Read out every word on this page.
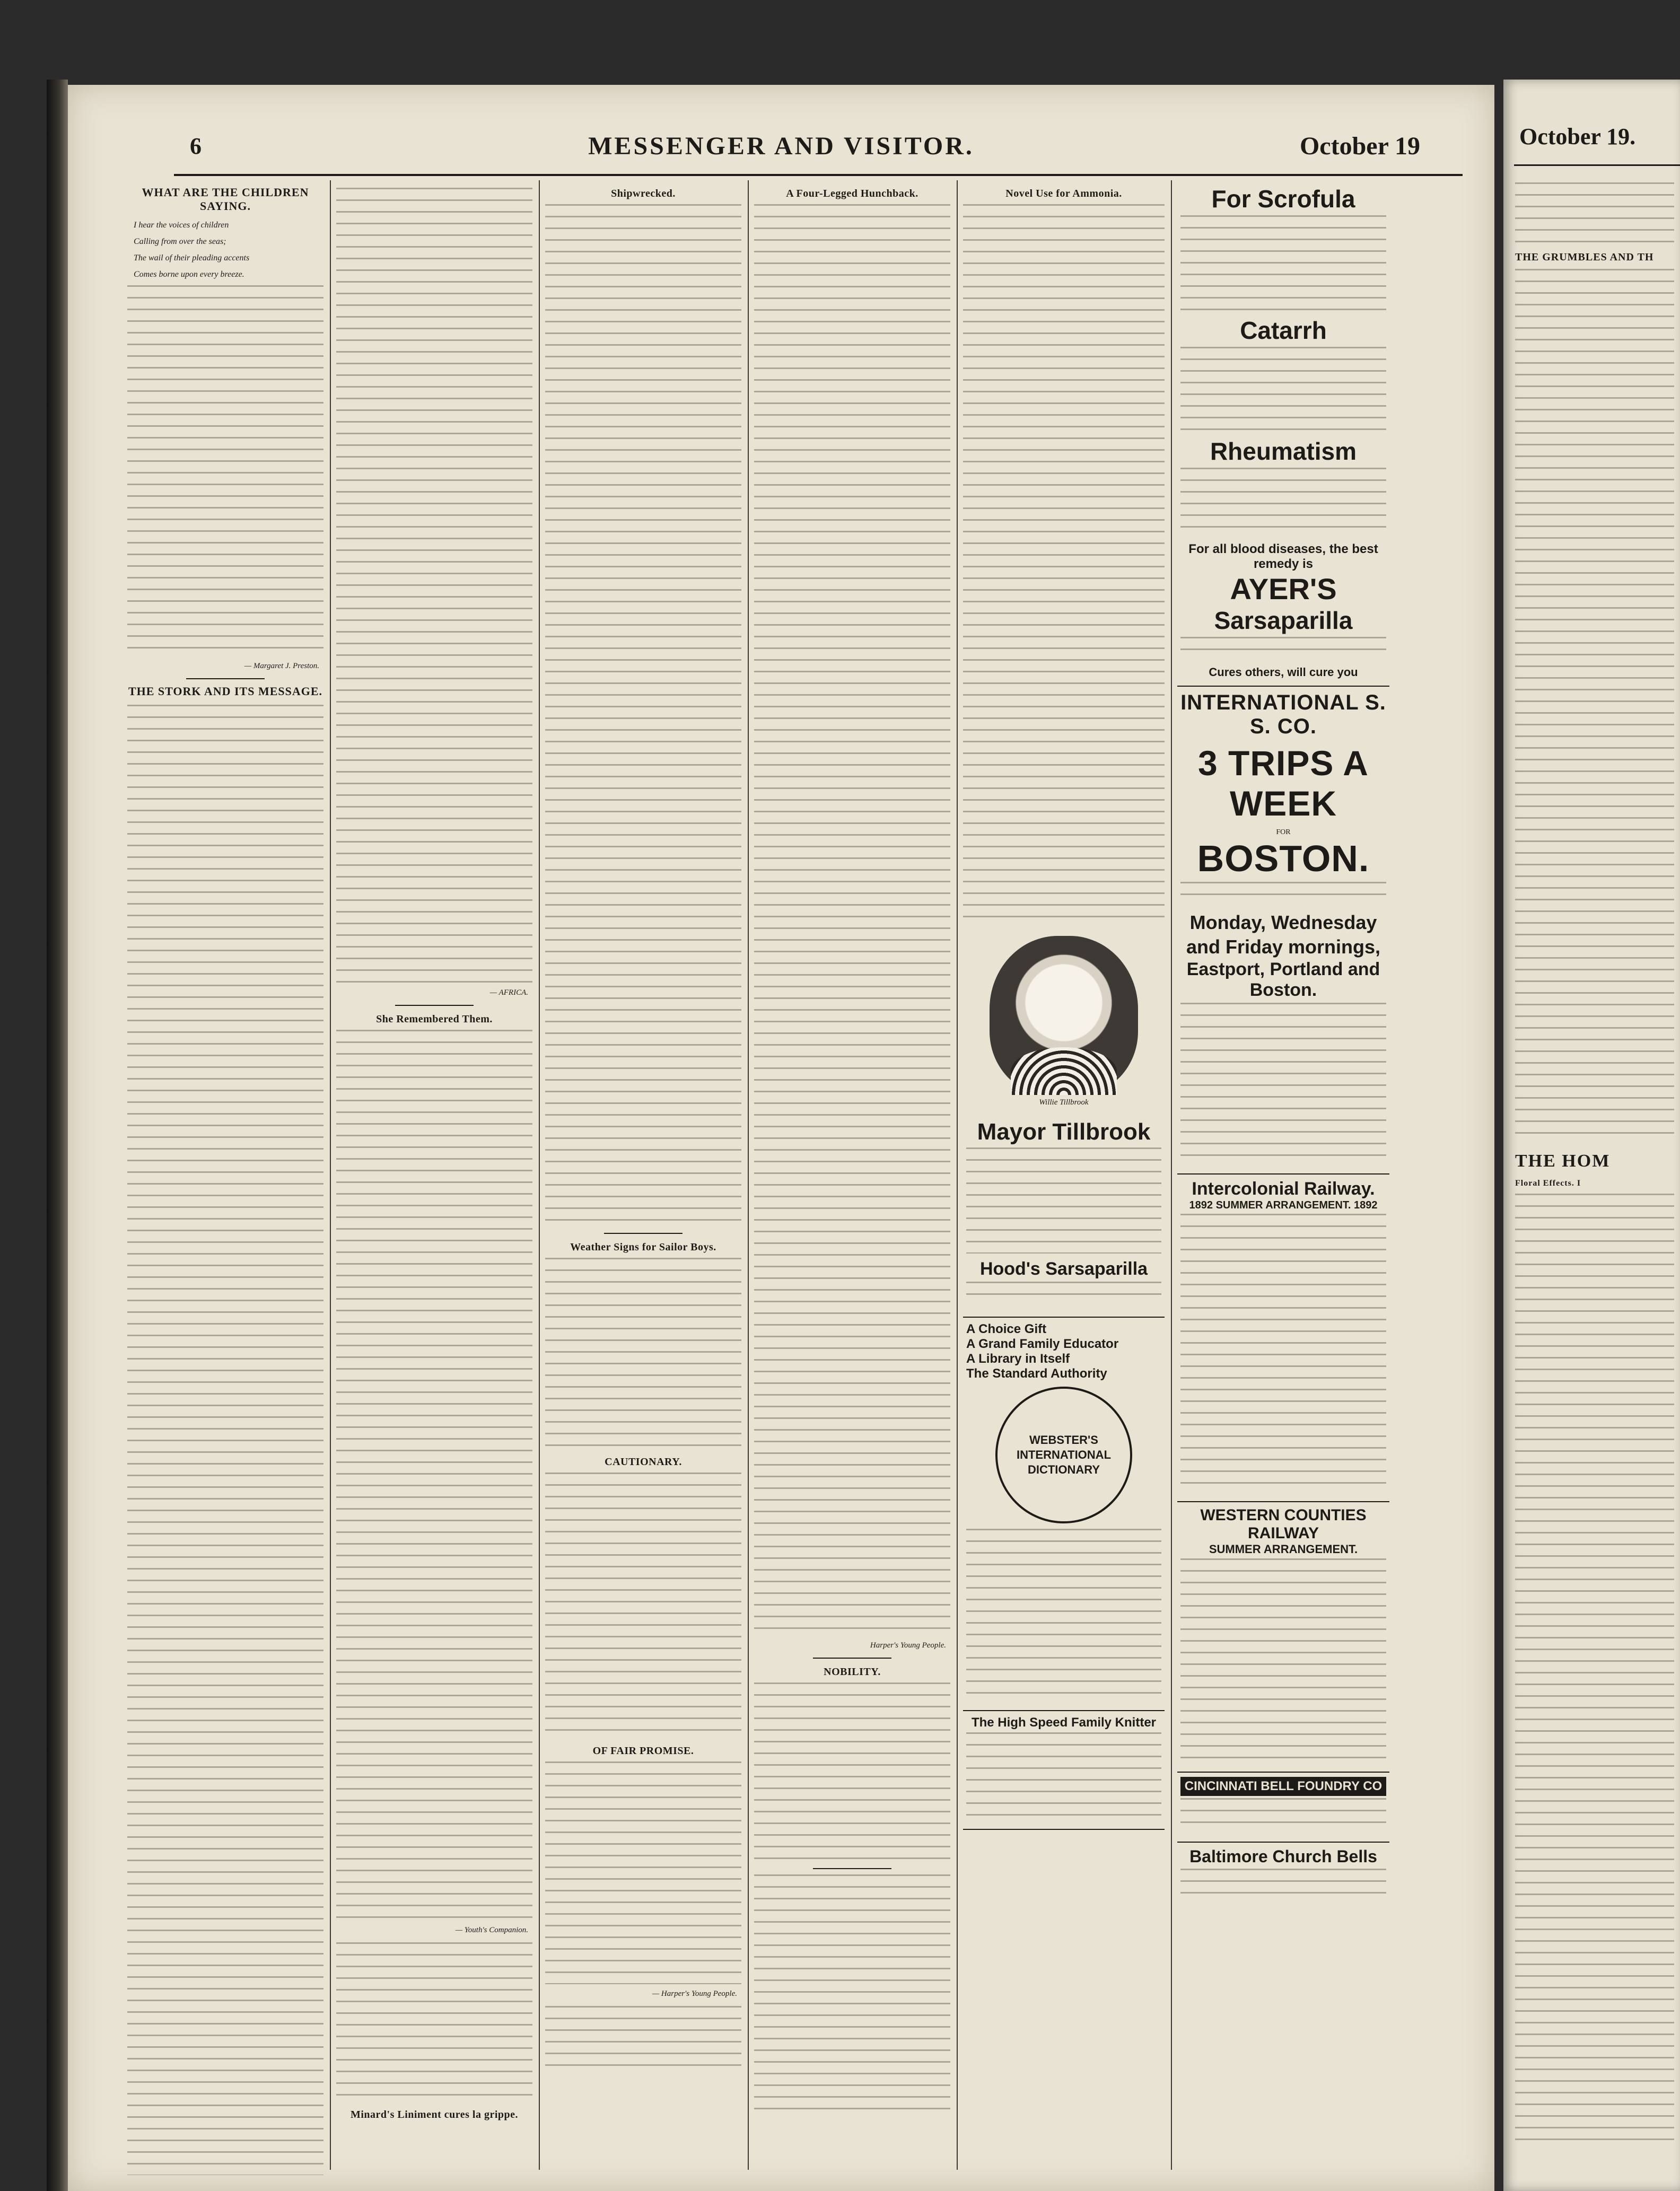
6	MESSENGER AND VISITOR.	October 19
WHAT ARE THE CHILDREN SAYING.

I hear the voices of children

Calling from over the seas;

The wail of their pleading accents

Comes borne upon every breeze.

— Margaret J. Preston.
THE STORK AND ITS MESSAGE.
— AFRICA.
She Remembered Them.
— Youth's Companion.
Minard's Liniment cures la grippe.
Shipwrecked.
Weather Signs for Sailor Boys.
CAUTIONARY.
OF FAIR PROMISE.
— Harper's Young People.
A Four-Legged Hunchback.
Harper's Young People.
NOBILITY.
Novel Use for Ammonia.
Willie Tillbrook
Mayor Tillbrook
Hood's Sarsaparilla
A Choice Gift
A Grand Family Educator
A Library in Itself
The Standard Authority
WEBSTER'S INTERNATIONAL DICTIONARY
The High Speed Family Knitter
For Scrofula
Catarrh
Rheumatism
For all blood diseases, the best remedy is
AYER'S
Sarsaparilla
Cures others, will cure you
INTERNATIONAL S. S. CO.
3 TRIPS A WEEK
FOR
BOSTON.
Monday, Wednesday and Friday mornings,
Eastport, Portland and Boston.
Intercolonial Railway.
1892 SUMMER ARRANGEMENT. 1892
WESTERN COUNTIES RAILWAY
SUMMER ARRANGEMENT.
CINCINNATI BELL FOUNDRY CO
Baltimore Church Bells
October 19.
THE GRUMBLES AND TH
THE HOM
Floral Effects. I
